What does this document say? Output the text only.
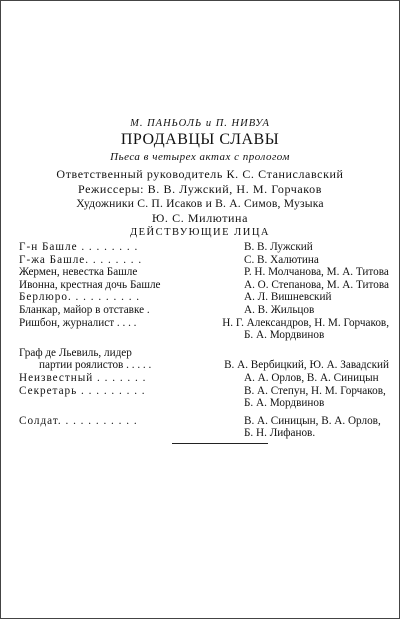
М. ПАНЬОЛЬ и П. НИВУА
ПРОДАВЦЫ СЛАВЫ
Пьеса в четырех актах с прологом
Ответственный руководитель К. С. Станиславский
Режиссеры: В. В. Лужский, Н. М. Горчаков
Художники С. П. Исаков и В. А. Симов, Музыка
Ю. С. Милютина
ДЕЙСТВУЮЩИЕ ЛИЦА
Г-н Башле . . . . . . . .	В. В. Лужский
Г-жа Башле. . . . . . . .	С. В. Халютина
Жермен, невестка Башле	Р. Н. Молчанова, М. А. Титова
Ивонна, крестная дочь Башле	А. О. Степанова, М. А. Титова
Берлюро. . . . . . . . . .	А. Л. Вишневский
Бланкар, майор в отставке .	А. В. Жильцов
Ришбон, журналист . . . .	Н. Г. Александров, Н. М. Горчаков,
Б. А. Мордвинов
Граф де Льевиль, лидер
партии роялистов . . . . .	В. А. Вербицкий, Ю. А. Завадский
Неизвестный . . . . . . .	А. А. Орлов, В. А. Синицын
Секретарь . . . . . . . . .	В. А. Степун, Н. М. Горчаков,
Б. А. Мордвинов
Солдат. . . . . . . . . . .	В. А. Синицын, В. А. Орлов,
Б. Н. Лифанов.
